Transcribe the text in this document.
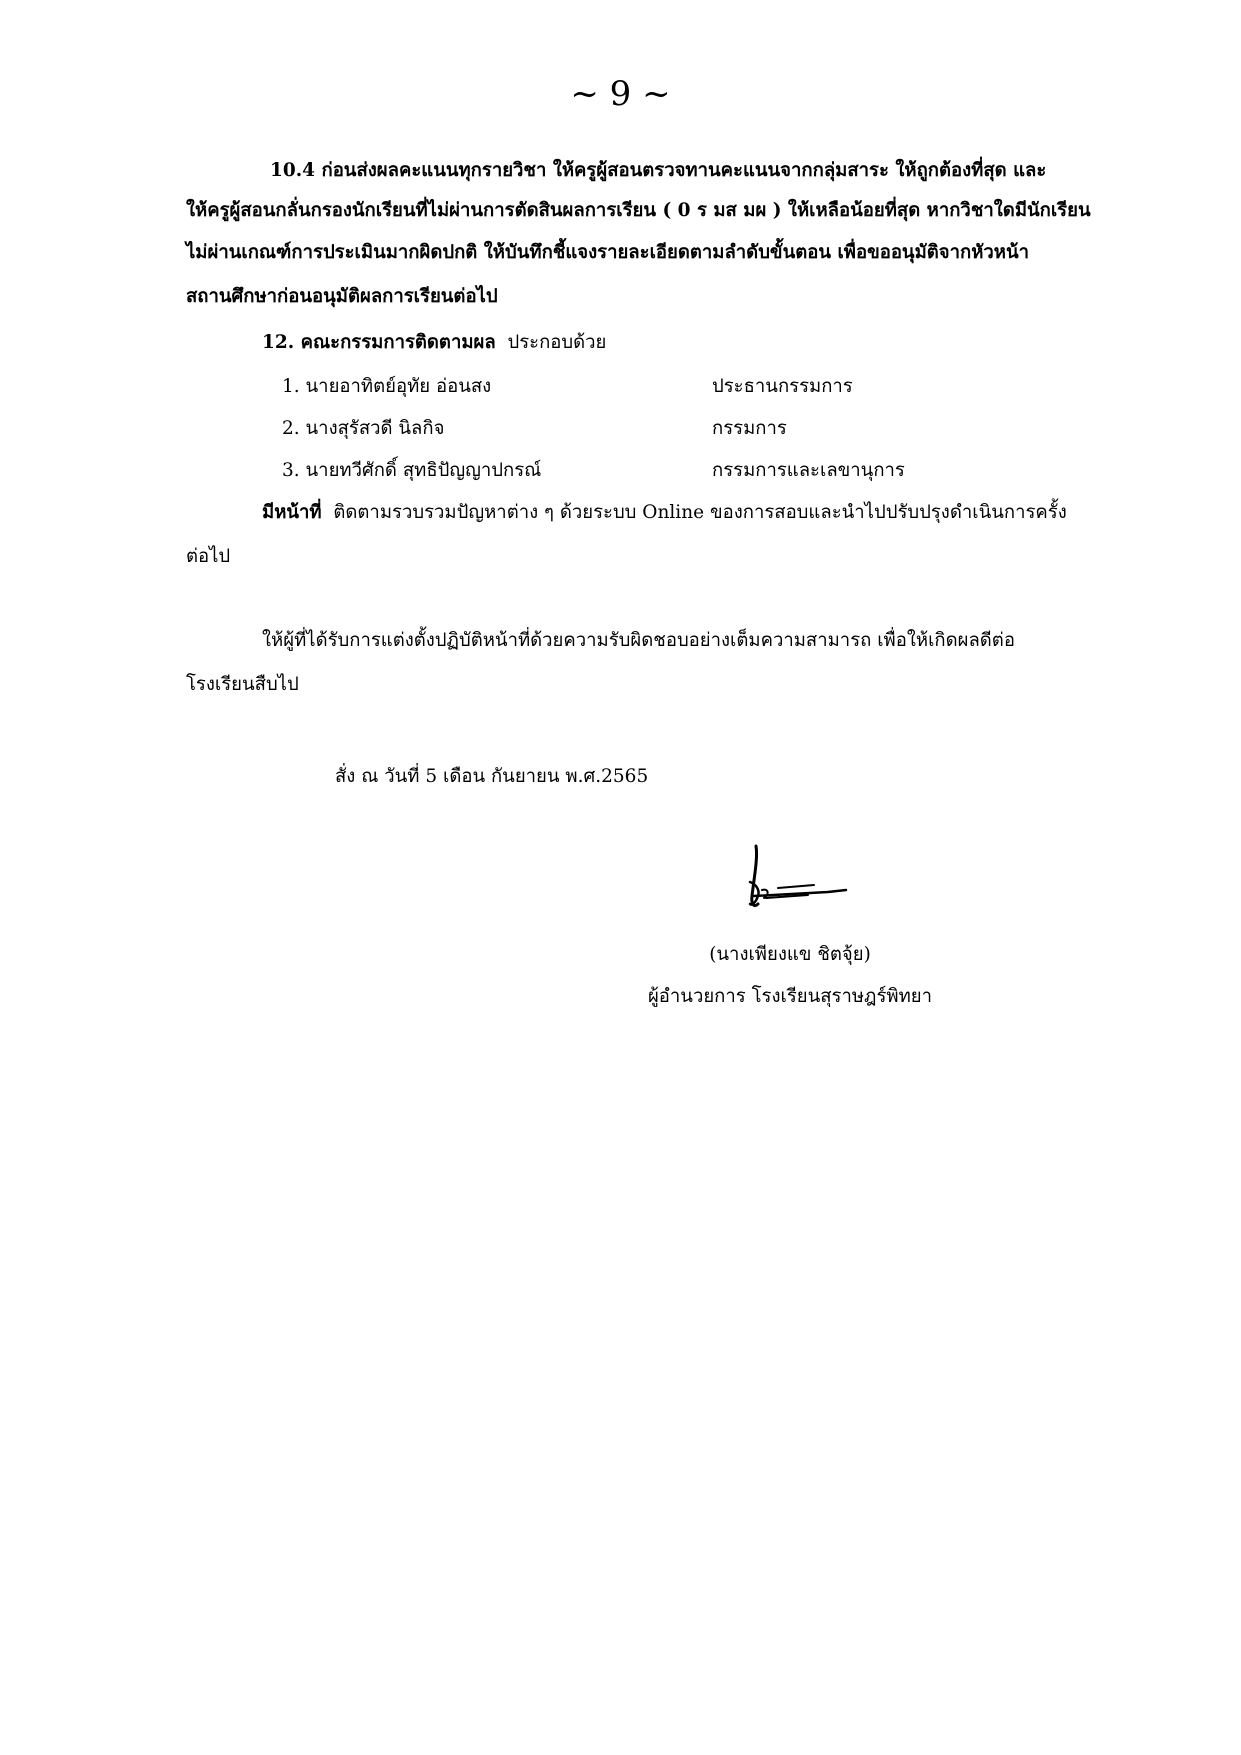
~ 9 ~
10.4 ก่อนส่งผลคะแนนทุกรายวิชา ให้ครูผู้สอนตรวจทานคะแนนจากกลุ่มสาระ ให้ถูกต้องที่สุด และ
ให้ครูผู้สอนกลั่นกรองนักเรียนที่ไม่ผ่านการตัดสินผลการเรียน ( 0 ร มส มผ ) ให้เหลือน้อยที่สุด หากวิชาใดมีนักเรียน
ไม่ผ่านเกณฑ์การประเมินมากผิดปกติ ให้บันทึกชี้แจงรายละเอียดตามลำดับขั้นตอน เพื่อขออนุมัติจากหัวหน้า
สถานศึกษาก่อนอนุมัติผลการเรียนต่อไป
12. คณะกรรมการติดตามผล ประกอบด้วย
1. นายอาทิตย์อุทัย อ่อนสง	ประธานกรรมการ
2. นางสุรัสวดี นิลกิจ	กรรมการ
3. นายทวีศักดิ์ สุทธิปัญญาปกรณ์	กรรมการและเลขานุการ
มีหน้าที่ ติดตามรวบรวมปัญหาต่าง ๆ ด้วยระบบ Online ของการสอบและนำไปปรับปรุงดำเนินการครั้ง
ต่อไป
ให้ผู้ที่ได้รับการแต่งตั้งปฏิบัติหน้าที่ด้วยความรับผิดชอบอย่างเต็มความสามารถ เพื่อให้เกิดผลดีต่อ
โรงเรียนสืบไป
สั่ง ณ วันที่ 5 เดือน กันยายน พ.ศ.2565
(นางเพียงแข ชิตจุ้ย)
ผู้อำนวยการ โรงเรียนสุราษฎร์พิทยา
